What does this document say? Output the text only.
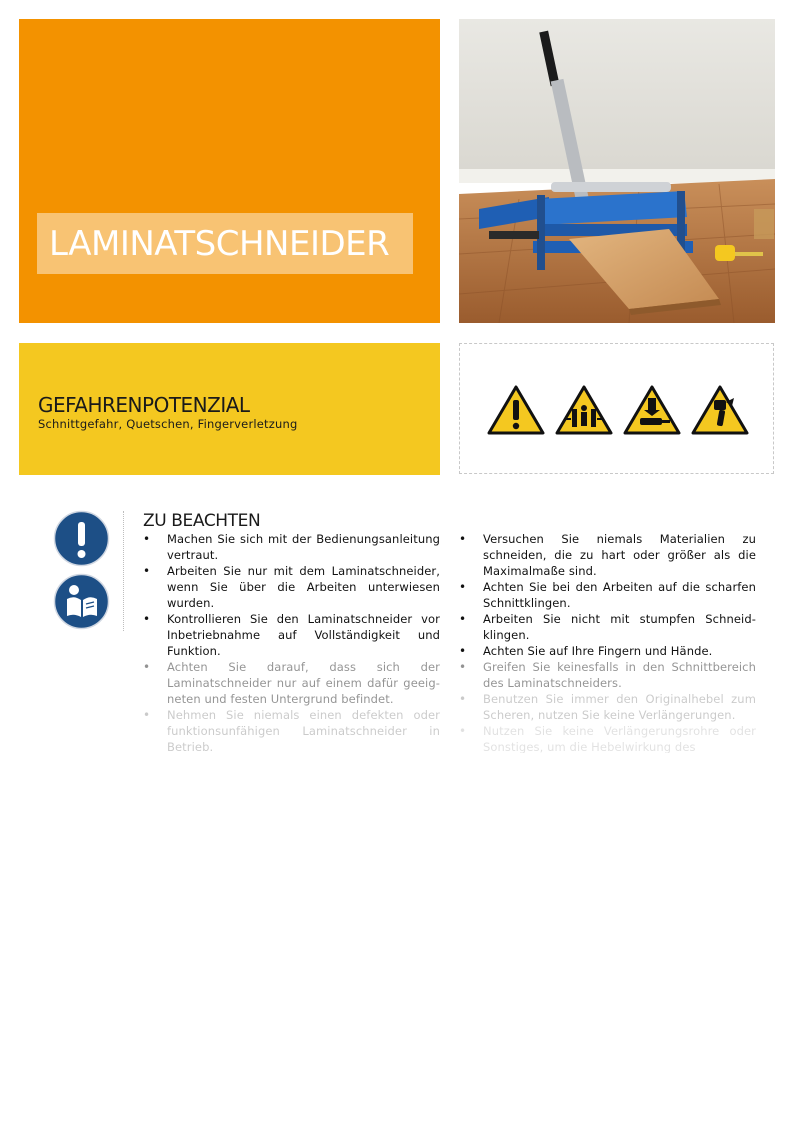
LAMINATSCHNEIDER
GEFAHRENPOTENZIAL
Schnittgefahr, Quetschen, Fingerverletzung
ZU BEACHTEN
• Machen Sie sich mit der Bedienungsanleitung vertraut.
• Arbeiten Sie nur mit dem Laminatschneider, wenn Sie über die Arbeiten unterwiesen wurden.
• Kontrollieren Sie den Laminatschneider vor Inbetriebnahme auf Vollständigkeit und Funktion.
• Achten Sie darauf, dass sich der Laminatschneider nur auf einem dafür geeig-neten und festen Untergrund befindet.
• Nehmen Sie niemals einen defekten oder funktionsunfähigen Laminatschneider in Betrieb.
• Versuchen Sie niemals Materialien zu schneiden, die zu hart oder größer als die Maximalmaße sind.
• Achten Sie bei den Arbeiten auf die scharfen Schnittklingen.
• Arbeiten Sie nicht mit stumpfen Schneid-klingen.
• Achten Sie auf Ihre Fingern und Hände.
• Greifen Sie keinesfalls in den Schnittbereich des Laminatschneiders.
• Benutzen Sie immer den Originalhebel zum Scheren, nutzen Sie keine Verlängerungen.
• Nutzen Sie keine Verlängerungsrohre oder Sonstiges, um die Hebelwirkung des
